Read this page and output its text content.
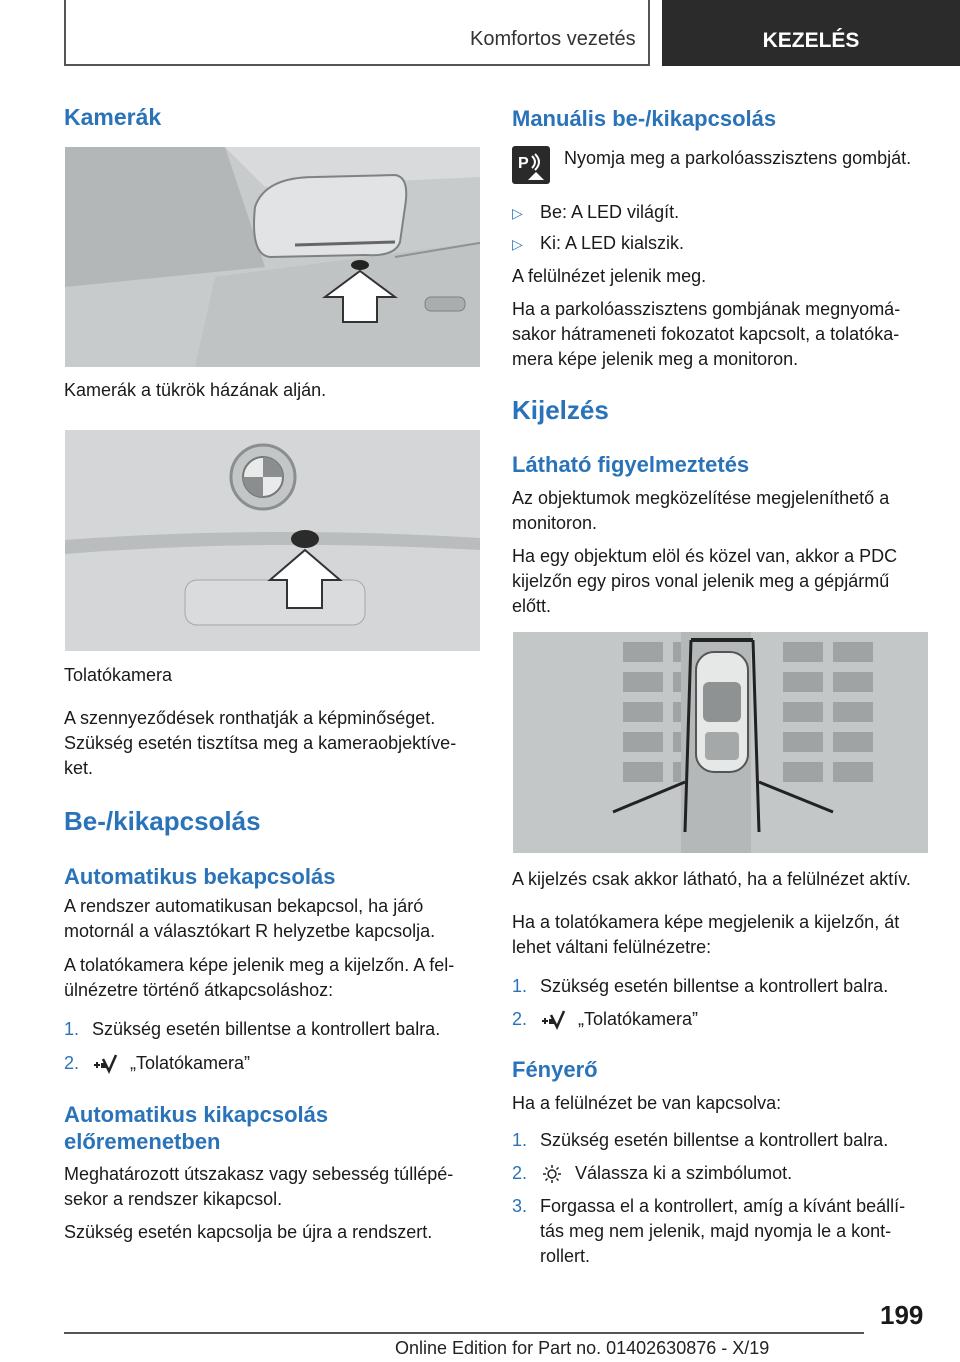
Komfortos vezetés	KEZELÉS
Kamerák
Kamerák a tükrök házának alján.
Tolatókamera
A szennyeződések ronthatják a képminőséget.
Szükség esetén tisztítsa meg a kameraobjektíve-
ket.
Be-/kikapcsolás
Automatikus bekapcsolás
A rendszer automatikusan bekapcsol, ha járó
motornál a választókart R helyzetbe kapcsolja.
A tolatókamera képe jelenik meg a kijelzőn. A fel-
ülnézetre történő átkapcsoláshoz:
1. Szükség esetén billentse a kontrollert balra.
2.	„Tolatókamera”
Automatikus kikapcsolás
előremenetben
Meghatározott útszakasz vagy sebesség túllépé-
sekor a rendszer kikapcsol.
Szükség esetén kapcsolja be újra a rendszert.
Manuális be-/kikapcsolás
P Nyomja meg a parkolóasszisztens gombját.
▷ Be: A LED világít.
▷ Ki: A LED kialszik.
A felülnézet jelenik meg.
Ha a parkolóasszisztens gombjának megnyomá-
sakor hátrameneti fokozatot kapcsolt, a tolatóka-
mera képe jelenik meg a monitoron.
Kijelzés
Látható figyelmeztetés
Az objektumok megközelítése megjeleníthető a
monitoron.
Ha egy objektum elöl és közel van, akkor a PDC
kijelzőn egy piros vonal jelenik meg a gépjármű
előtt.
A kijelzés csak akkor látható, ha a felülnézet aktív.
Ha a tolatókamera képe megjelenik a kijelzőn, át
lehet váltani felülnézetre:
1. Szükség esetén billentse a kontrollert balra.
2.	„Tolatókamera”
Fényerő
Ha a felülnézet be van kapcsolva:
1. Szükség esetén billentse a kontrollert balra.
2.	Válassza ki a szimbólumot.
3. Forgassa el a kontrollert, amíg a kívánt beállí-
tás meg nem jelenik, majd nyomja le a kont-
rollert.
199
Online Edition for Part no. 01402630876 - X/19
